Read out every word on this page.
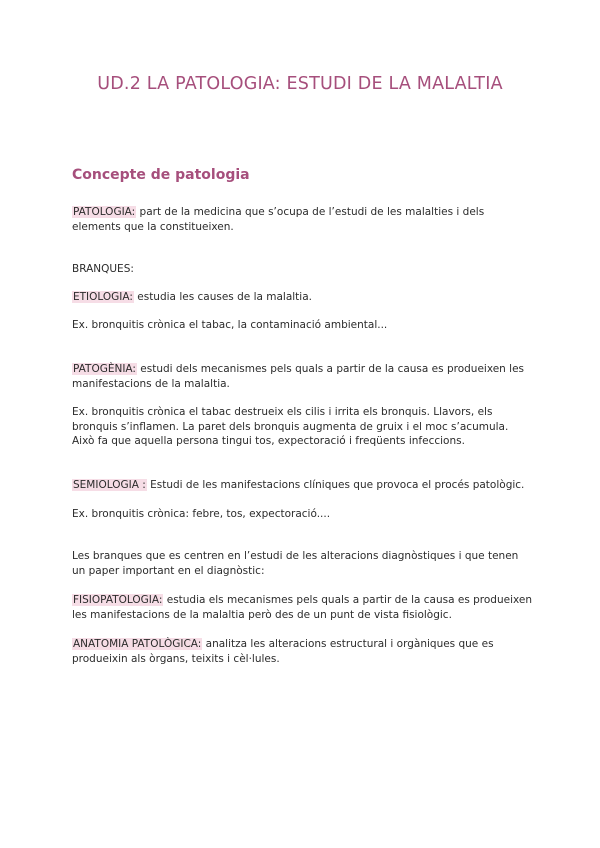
UD.2 LA PATOLOGIA: ESTUDI DE LA MALALTIA
Concepte de patologia

PATOLOGIA: part de la medicina que s’ocupa de l’estudi de les malalties i dels elements que la constitueixen.

BRANQUES:

ETIOLOGIA: estudia les causes de la malaltia.

Ex. bronquitis crònica el tabac, la contaminació ambiental...

PATOGÈNIA: estudi dels mecanismes pels quals a partir de la causa es produeixen les manifestacions de la malaltia.

Ex. bronquitis crònica el tabac destrueix els cilis i irrita els bronquis. Llavors, els bronquis s’inflamen. La paret dels bronquis augmenta de gruix i el moc s’acumula. Això fa que aquella persona tingui tos, expectoració i freqüents infeccions.

SEMIOLOGIA : Estudi de les manifestacions clíniques que provoca el procés patològic.

Ex. bronquitis crònica: febre, tos, expectoració....

Les branques que es centren en l’estudi de les alteracions diagnòstiques i que tenen un paper important en el diagnòstic:

FISIOPATOLOGIA: estudia els mecanismes pels quals a partir de la causa es produeixen les manifestacions de la malaltia però des de un punt de vista fisiològic.

ANATOMIA PATOLÒGICA: analitza les alteracions estructural i orgàniques que es produeixin als òrgans, teixits i cèl·lules.
